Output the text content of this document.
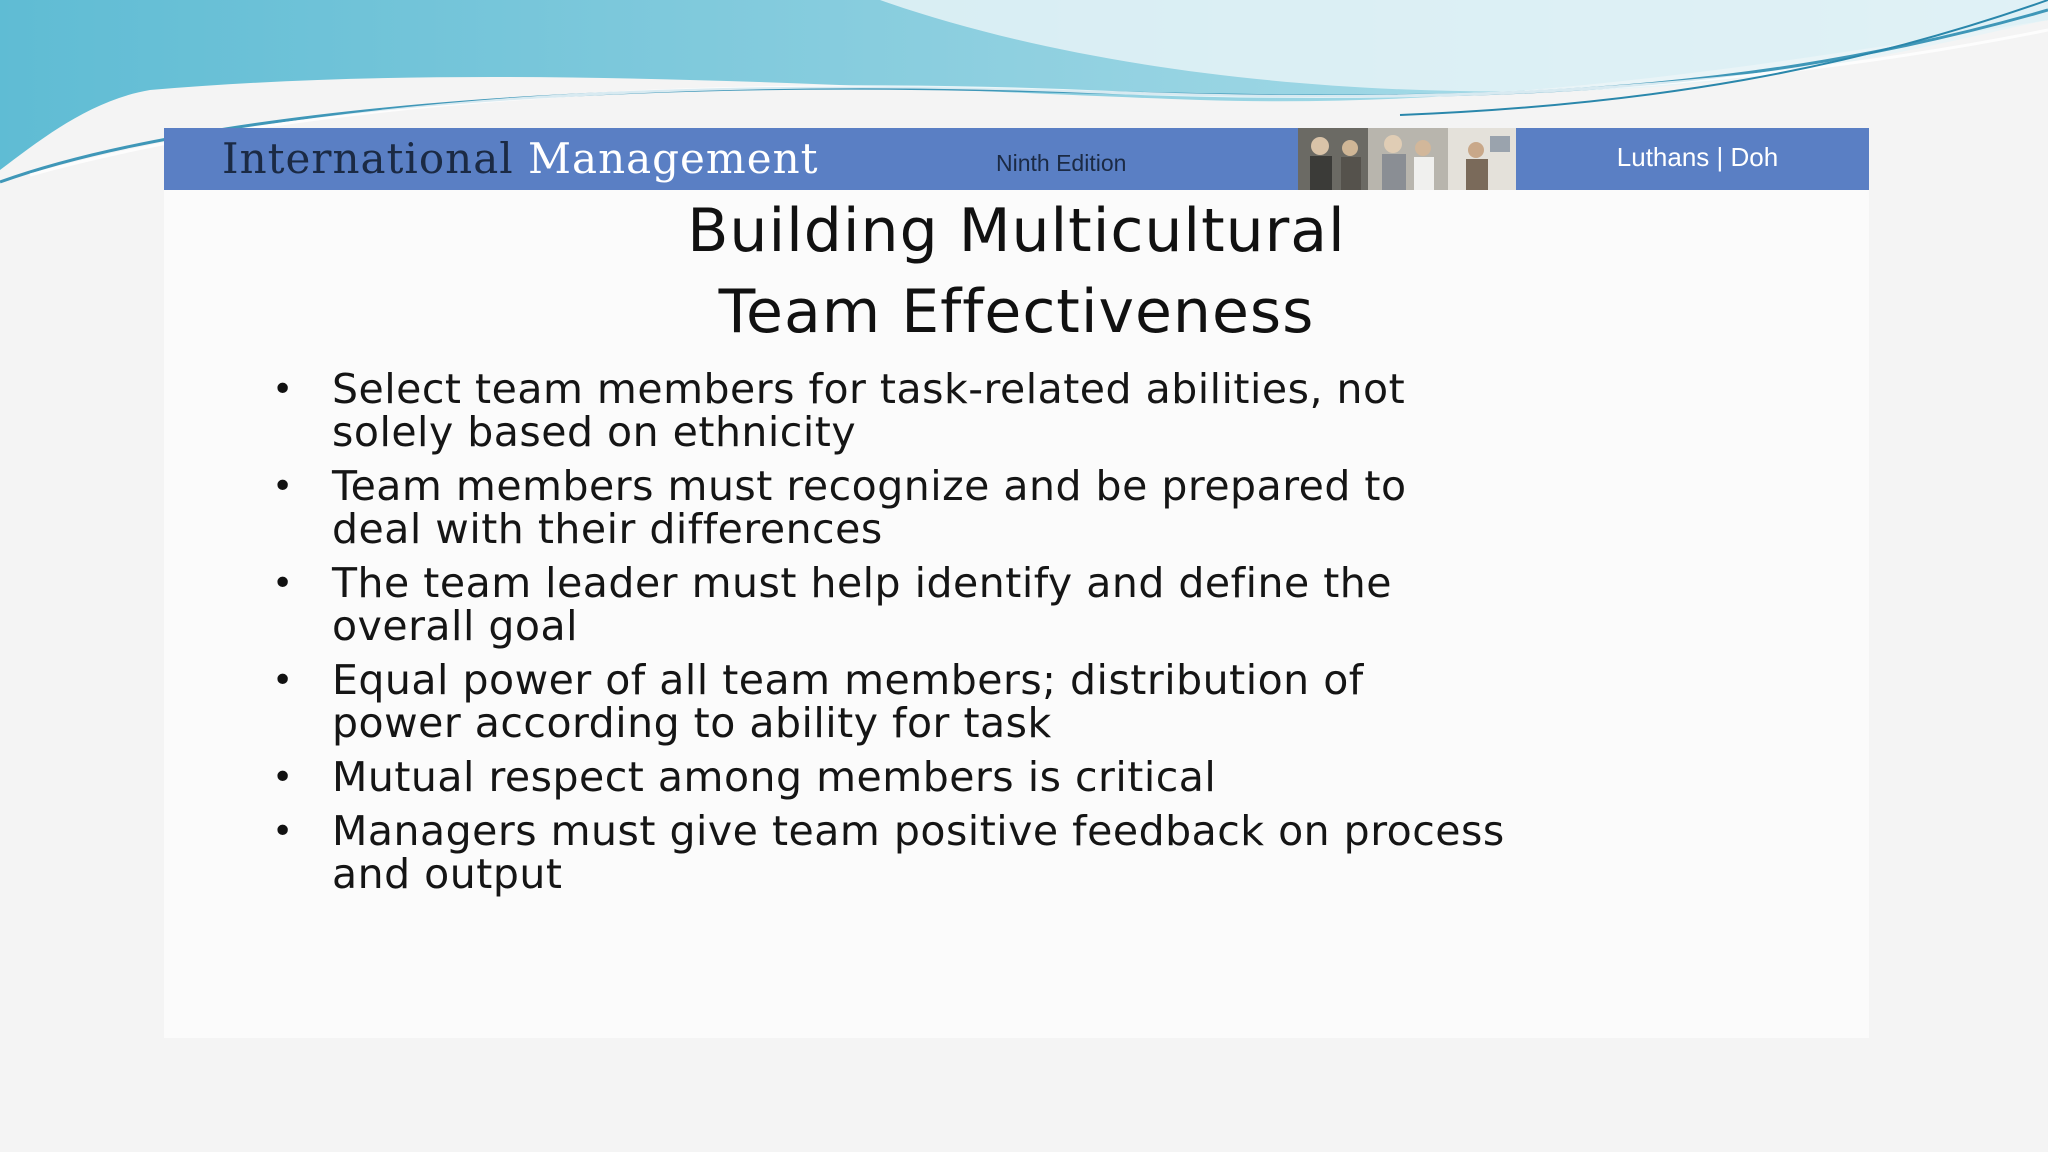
International Management	Ninth Edition	Luthans | Doh
Building Multicultural
Team Effectiveness
• Select team members for task-related abilities, not
solely based on ethnicity
• Team members must recognize and be prepared to
deal with their differences
• The team leader must help identify and define the
overall goal
• Equal power of all team members; distribution of
power according to ability for task
• Mutual respect among members is critical
• Managers must give team positive feedback on process
and output
